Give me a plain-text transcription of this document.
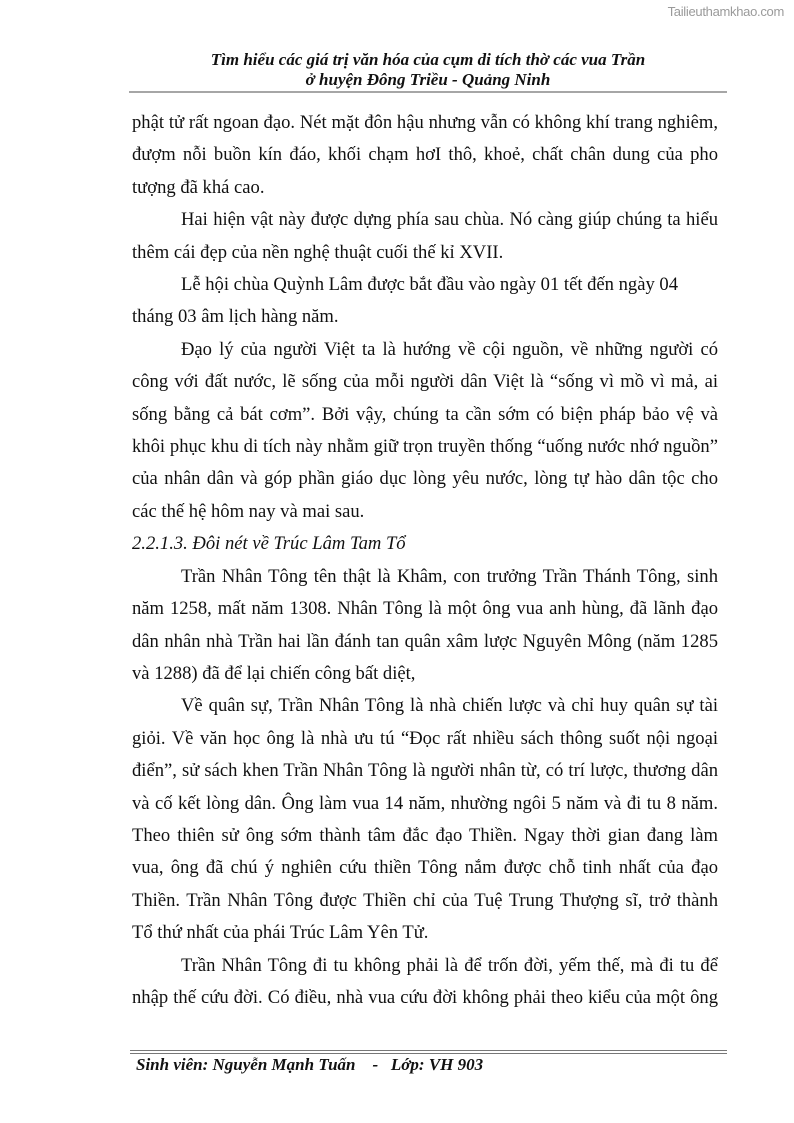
Tailieuthamkhao.com
Tìm hiểu các giá trị văn hóa của cụm di tích thờ các vua Trần
ở huyện Đông Triều - Quảng Ninh

phật tử rất ngoan đạo. Nét mặt đôn hậu nhưng vẫn có không khí trang nghiêm, đượm nỗi buồn kín đáo, khối chạm hơI thô, khoẻ, chất chân dung của pho tượng đã khá cao.

Hai hiện vật này được dựng phía sau chùa. Nó càng giúp chúng ta hiểu thêm cái đẹp của nền nghệ thuật cuối thế kỉ XVII.

Lễ hội chùa Quỳnh Lâm được bắt đầu vào ngày 01 tết đến ngày 04 tháng 03 âm lịch hàng năm.

Đạo lý của người Việt ta là hướng về cội nguồn, về những người có công với đất nước, lẽ sống của mỗi người dân Việt là “sống vì mồ vì mả, ai sống bằng cả bát cơm”. Bởi vậy, chúng ta cần sớm có biện pháp bảo vệ và khôi phục khu di tích này nhằm giữ trọn truyền thống “uống nước nhớ nguồn” của nhân dân và góp phần giáo dục lòng yêu nước, lòng tự hào dân tộc cho các thế hệ hôm nay và mai sau.

2.2.1.3. Đôi nét về Trúc Lâm Tam Tổ

Trần Nhân Tông tên thật là Khâm, con trưởng Trần Thánh Tông, sinh năm 1258, mất năm 1308. Nhân Tông là một ông vua anh hùng, đã lãnh đạo dân nhân nhà Trần hai lần đánh tan quân xâm lược Nguyên Mông (năm 1285 và 1288) đã để lại chiến công bất diệt,

Về quân sự, Trần Nhân Tông là nhà chiến lược và chỉ huy quân sự tài giỏi. Về văn học ông là nhà ưu tú “Đọc rất nhiều sách thông suốt nội ngoại điển”, sử sách khen Trần Nhân Tông là người nhân từ, có trí lược, thương dân và cố kết lòng dân. Ông làm vua 14 năm, nhường ngôi 5 năm và đi tu 8 năm. Theo thiên sử ông sớm thành tâm đắc đạo Thiền. Ngay thời gian đang làm vua, ông đã chú ý nghiên cứu thiền Tông nắm được chỗ tinh nhất của đạo Thiền. Trần Nhân Tông được Thiền chỉ của Tuệ Trung Thượng sĩ, trở thành Tổ thứ nhất của phái Trúc Lâm Yên Tử.

Trần Nhân Tông đi tu không phải là để trốn đời, yếm thế, mà đi tu để nhập thế cứu đời. Có điều, nhà vua cứu đời không phải theo kiểu của một ông

Sinh viên: Nguyễn Mạnh Tuấn - Lớp: VH 903
